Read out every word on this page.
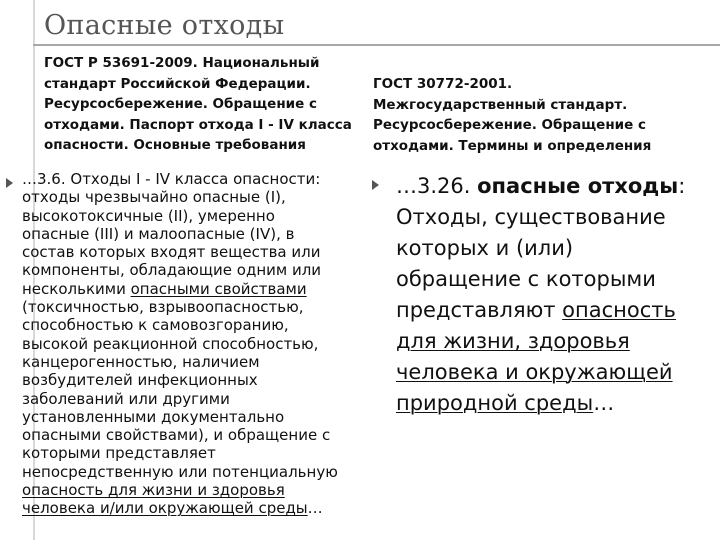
Опасные отходы
ГОСТ Р 53691-2009. Национальный
стандарт Российской Федерации.
Ресурсосбережение. Обращение с
отходами. Паспорт отхода I - IV класса
опасности. Основные требования
ГОСТ 30772-2001.
Межгосударственный стандарт.
Ресурсосбережение. Обращение с
отходами. Термины и определения
…3.6. Отходы I - IV класса опасности:
отходы чрезвычайно опасные (I),
высокотоксичные (II), умеренно
опасные (III) и малоопасные (IV), в
состав которых входят вещества или
компоненты, обладающие одним или
несколькими опасными свойствами
(токсичностью, взрывоопасностью,
способностью к самовозгоранию,
высокой реакционной способностью,
канцерогенностью, наличием
возбудителей инфекционных
заболеваний или другими
установленными документально
опасными свойствами), и обращение с
которыми представляет
непосредственную или потенциальную
опасность для жизни и здоровья
человека и/или окружающей среды…
…3.26. опасные отходы:
Отходы, существование
которых и (или)
обращение с которыми
представляют опасность
для жизни, здоровья
человека и окружающей
природной среды…
